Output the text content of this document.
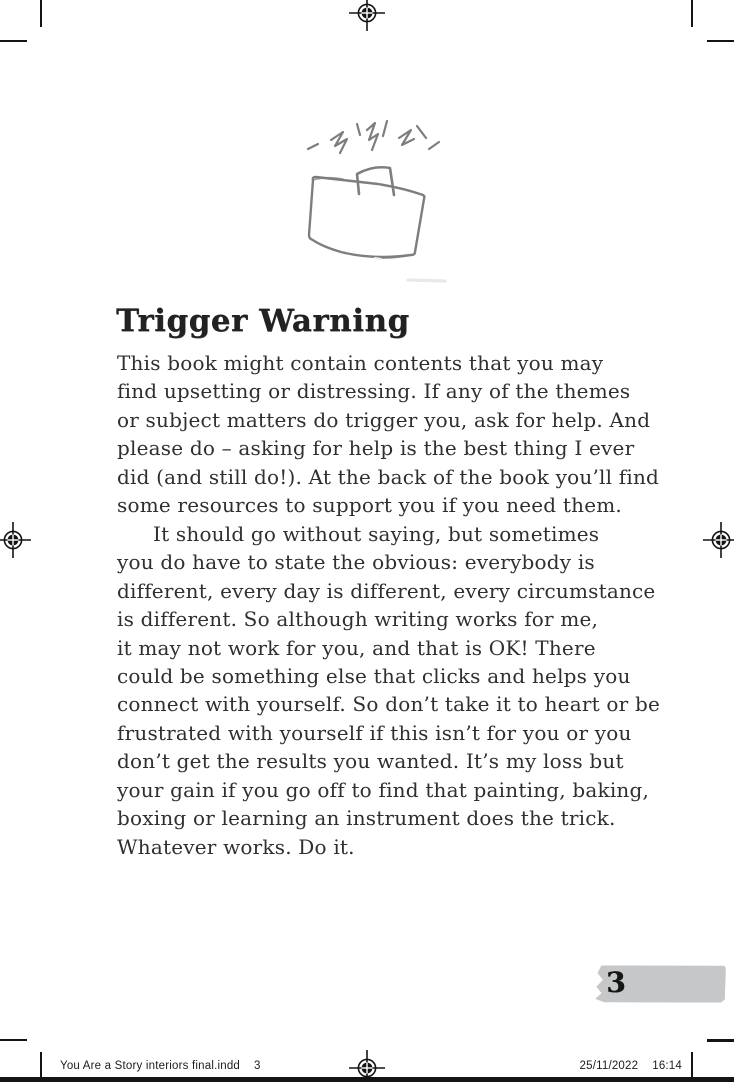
Trigger Warning
This book might contain contents that you may
find upsetting or distressing. If any of the themes
or subject matters do trigger you, ask for help. And
please do – asking for help is the best thing I ever
did (and still do!). At the back of the book you’ll find
some resources to support you if you need them.
It should go without saying, but sometimes
you do have to state the obvious: everybody is
different, every day is different, every circumstance
is different. So although writing works for me,
it may not work for you, and that is OK! There
could be something else that clicks and helps you
connect with yourself. So don’t take it to heart or be
frustrated with yourself if this isn’t for you or you
don’t get the results you wanted. It’s my loss but
your gain if you go off to find that painting, baking,
boxing or learning an instrument does the trick.
Whatever works. Do it.
3
You Are a Story interiors final.indd 3	25/11/2022 16:14
